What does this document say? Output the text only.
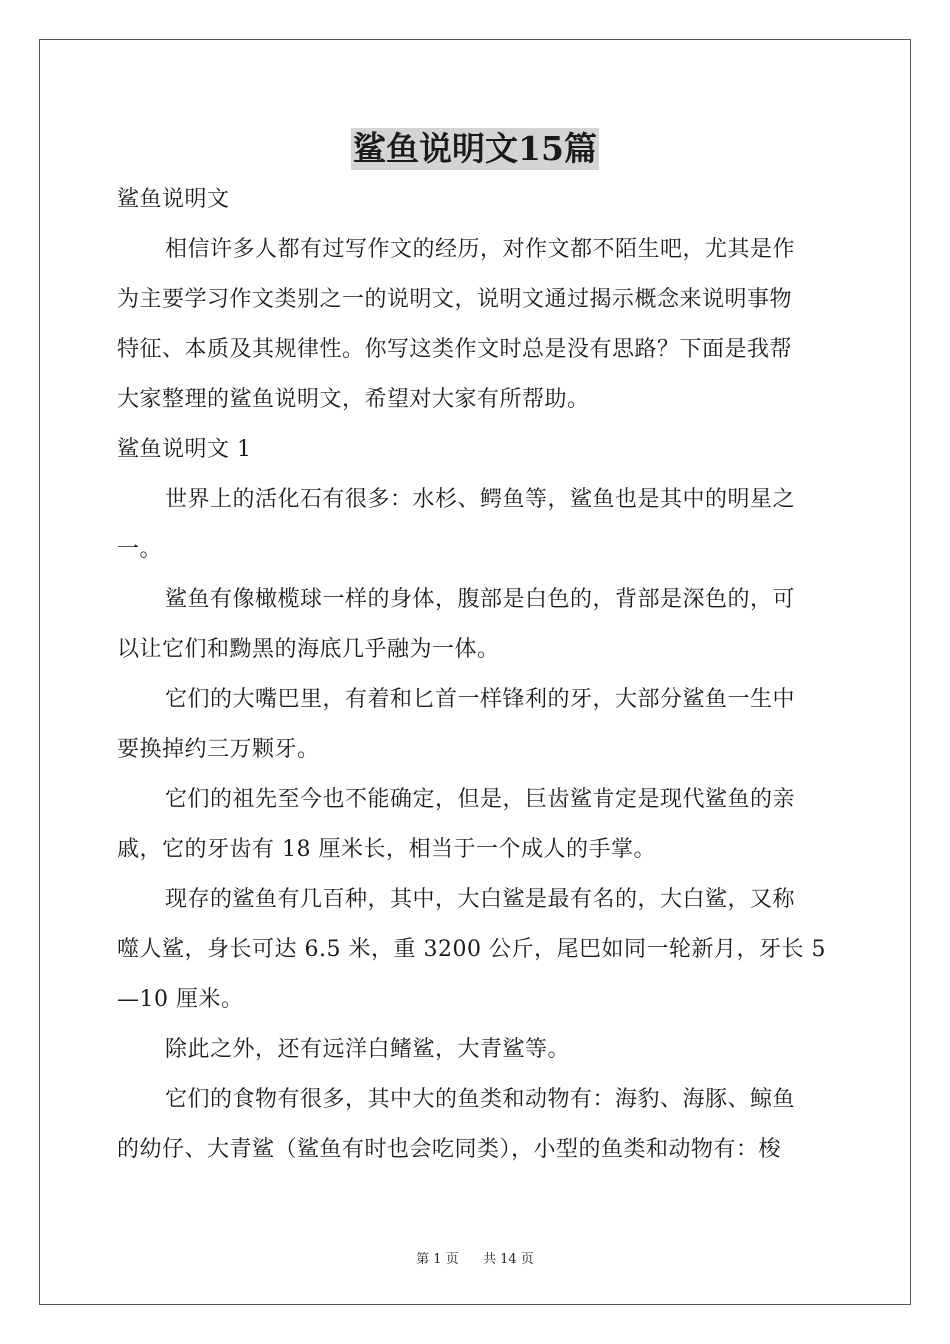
鲨鱼说明文15篇
鲨鱼说明文
相信许多人都有过写作文的经历，对作文都不陌生吧，尤其是作
为主要学习作文类别之一的说明文，说明文通过揭示概念来说明事物
特征、本质及其规律性。你写这类作文时总是没有思路？下面是我帮
大家整理的鲨鱼说明文，希望对大家有所帮助。
鲨鱼说明文 1
世界上的活化石有很多：水杉、鳄鱼等，鲨鱼也是其中的明星之
一。
鲨鱼有像橄榄球一样的身体，腹部是白色的，背部是深色的，可
以让它们和黝黑的海底几乎融为一体。
它们的大嘴巴里，有着和匕首一样锋利的牙，大部分鲨鱼一生中
要换掉约三万颗牙。
它们的祖先至今也不能确定，但是，巨齿鲨肯定是现代鲨鱼的亲
戚，它的牙齿有 18 厘米长，相当于一个成人的手掌。
现存的鲨鱼有几百种，其中，大白鲨是最有名的，大白鲨，又称
噬人鲨，身长可达 6.5 米，重 3200 公斤，尾巴如同一轮新月，牙长 5
—10 厘米。
除此之外，还有远洋白鳍鲨，大青鲨等。
它们的食物有很多，其中大的鱼类和动物有：海豹、海豚、鲸鱼
的幼仔、大青鲨（鲨鱼有时也会吃同类），小型的鱼类和动物有：梭
第 1 页 共 14 页
